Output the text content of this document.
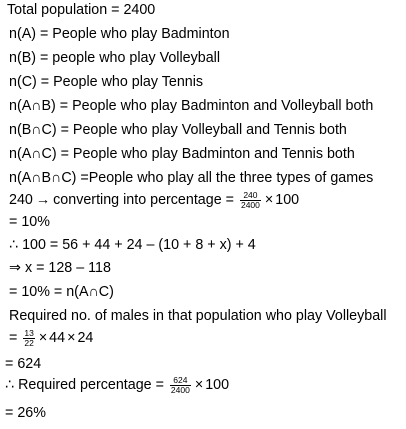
Total population = 2400
n(A) = People who play Badminton
n(B) = people who play Volleyball
n(C) = People who play Tennis
n(A∩B) = People who play Badminton and Volleyball both
n(B∩C) = People who play Volleyball and Tennis both
n(A∩C) = People who play Badminton and Tennis both
n(A∩B∩C) =People who play all the three types of games
240 → converting into percentage = $\frac{240}{2400} \times 100$
= 10%
∴ 100 = 56 + 44 + 24 – (10 + 8 + x) + 4
⇒ x = 128 – 118
= 10% = n(A∩C)
Required no. of males in that population who play Volleyball
= $\frac{13}{22} \times 44 \times 24$
= 624
∴ Required percentage = $\frac{624}{2400} \times 100$
= 26%
